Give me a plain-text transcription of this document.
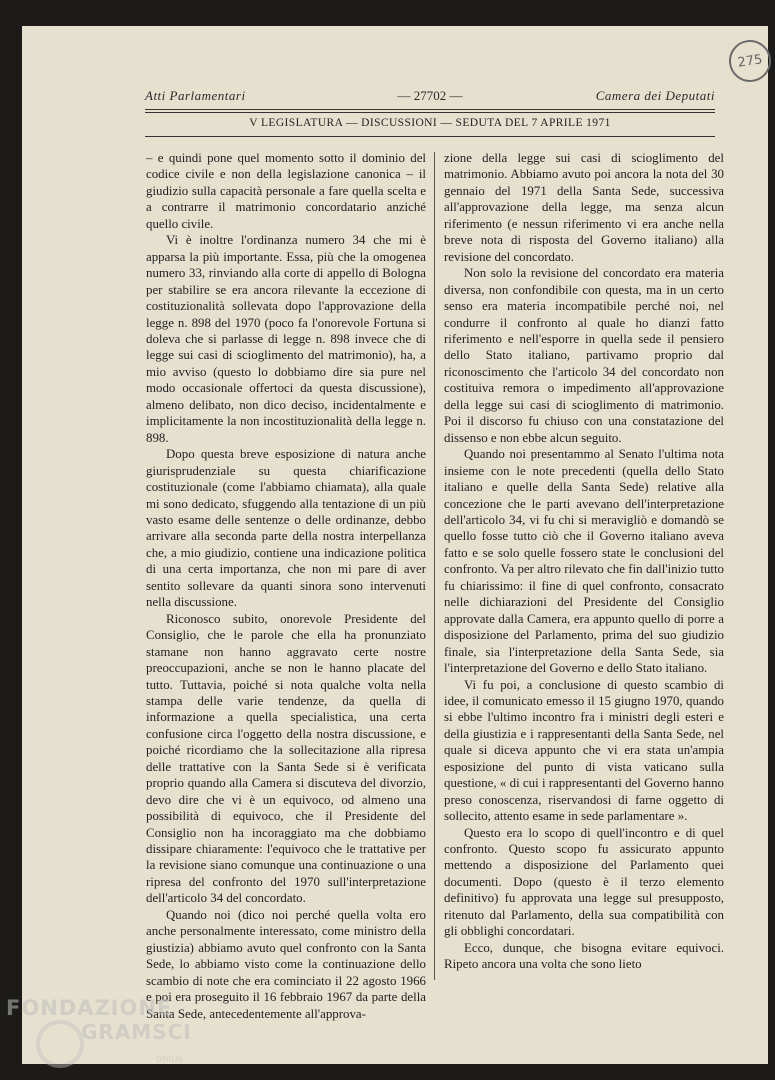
275
Atti Parlamentari	— 27702 —	Camera dei Deputati
V LEGISLATURA — DISCUSSIONI — SEDUTA DEL 7 APRILE 1971

– e quindi pone quel momento sotto il dominio del codice civile e non della legislazione canonica – il giudizio sulla capacità personale a fare quella scelta e a contrarre il matrimonio concordatario anziché quello civile.

Vi è inoltre l'ordinanza numero 34 che mi è apparsa la più importante. Essa, più che la omogenea numero 33, rinviando alla corte di appello di Bologna per stabilire se era ancora rilevante la eccezione di costituzionalità sollevata dopo l'approvazione della legge n. 898 del 1970 (poco fa l'onorevole Fortuna si doleva che si parlasse di legge n. 898 invece che di legge sui casi di scioglimento del matrimonio), ha, a mio avviso (questo lo dobbiamo dire sia pure nel modo occasionale offertoci da questa discussione), almeno delibato, non dico deciso, incidentalmente e implicitamente la non incostituzionalità della legge n. 898.

Dopo questa breve esposizione di natura anche giurisprudenziale su questa chiarificazione costituzionale (come l'abbiamo chiamata), alla quale mi sono dedicato, sfuggendo alla tentazione di un più vasto esame delle sentenze o delle ordinanze, debbo arrivare alla seconda parte della nostra interpellanza che, a mio giudizio, contiene una indicazione politica di una certa importanza, che non mi pare di aver sentito sollevare da quanti sinora sono intervenuti nella discussione.

Riconosco subito, onorevole Presidente del Consiglio, che le parole che ella ha pronunziato stamane non hanno aggravato certe nostre preoccupazioni, anche se non le hanno placate del tutto. Tuttavia, poiché si nota qualche volta nella stampa delle varie tendenze, da quella di informazione a quella specialistica, una certa confusione circa l'oggetto della nostra discussione, e poiché ricordiamo che la sollecitazione alla ripresa delle trattative con la Santa Sede si è verificata proprio quando alla Camera si discuteva del divorzio, devo dire che vi è un equivoco, od almeno una possibilità di equivoco, che il Presidente del Consiglio non ha incoraggiato ma che dobbiamo dissipare chiaramente: l'equivoco che le trattative per la revisione siano comunque una continuazione o una ripresa del confronto del 1970 sull'interpretazione dell'articolo 34 del concordato.

Quando noi (dico noi perché quella volta ero anche personalmente interessato, come ministro della giustizia) abbiamo avuto quel confronto con la Santa Sede, lo abbiamo visto come la continuazione dello scambio di note che era cominciato il 22 agosto 1966 e poi era proseguito il 16 febbraio 1967 da parte della Santa Sede, antecedentemente all'approva-

zione della legge sui casi di scioglimento del matrimonio. Abbiamo avuto poi ancora la nota del 30 gennaio del 1971 della Santa Sede, successiva all'approvazione della legge, ma senza alcun riferimento (e nessun riferimento vi era anche nella breve nota di risposta del Governo italiano) alla revisione del concordato.

Non solo la revisione del concordato era materia diversa, non confondibile con questa, ma in un certo senso era materia incompatibile perché noi, nel condurre il confronto al quale ho dianzi fatto riferimento e nell'esporre in quella sede il pensiero dello Stato italiano, partivamo proprio dal riconoscimento che l'articolo 34 del concordato non costituiva remora o impedimento all'approvazione della legge sui casi di scioglimento di matrimonio. Poi il discorso fu chiuso con una constatazione del dissenso e non ebbe alcun seguito.

Quando noi presentammo al Senato l'ultima nota insieme con le note precedenti (quella dello Stato italiano e quelle della Santa Sede) relative alla concezione che le parti avevano dell'interpretazione dell'articolo 34, vi fu chi si meravigliò e domandò se quello fosse tutto ciò che il Governo italiano aveva fatto e se solo quelle fossero state le conclusioni del confronto. Va per altro rilevato che fin dall'inizio tutto fu chiarissimo: il fine di quel confronto, consacrato nelle dichiarazioni del Presidente del Consiglio approvate dalla Camera, era appunto quello di porre a disposizione del Parlamento, prima del suo giudizio finale, sia l'interpretazione della Santa Sede, sia l'interpretazione del Governo e dello Stato italiano.

Vi fu poi, a conclusione di questo scambio di idee, il comunicato emesso il 15 giugno 1970, quando si ebbe l'ultimo incontro fra i ministri degli esteri e della giustizia e i rappresentanti della Santa Sede, nel quale si diceva appunto che vi era stata un'ampia esposizione del punto di vista vaticano sulla questione, « di cui i rappresentanti del Governo hanno preso conoscenza, riservandosi di farne oggetto di sollecito, attento esame in sede parlamentare ».

Questo era lo scopo di quell'incontro e di quel confronto. Questo scopo fu assicurato appunto mettendo a disposizione del Parlamento quei documenti. Dopo (questo è il terzo elemento definitivo) fu approvata una legge sul presupposto, ritenuto dal Parlamento, della sua compatibilità con gli obblighi concordatari.

Ecco, dunque, che bisogna evitare equivoci. Ripeto ancora una volta che sono lieto

FONDAZIONE
GRAMSCI
onlus
